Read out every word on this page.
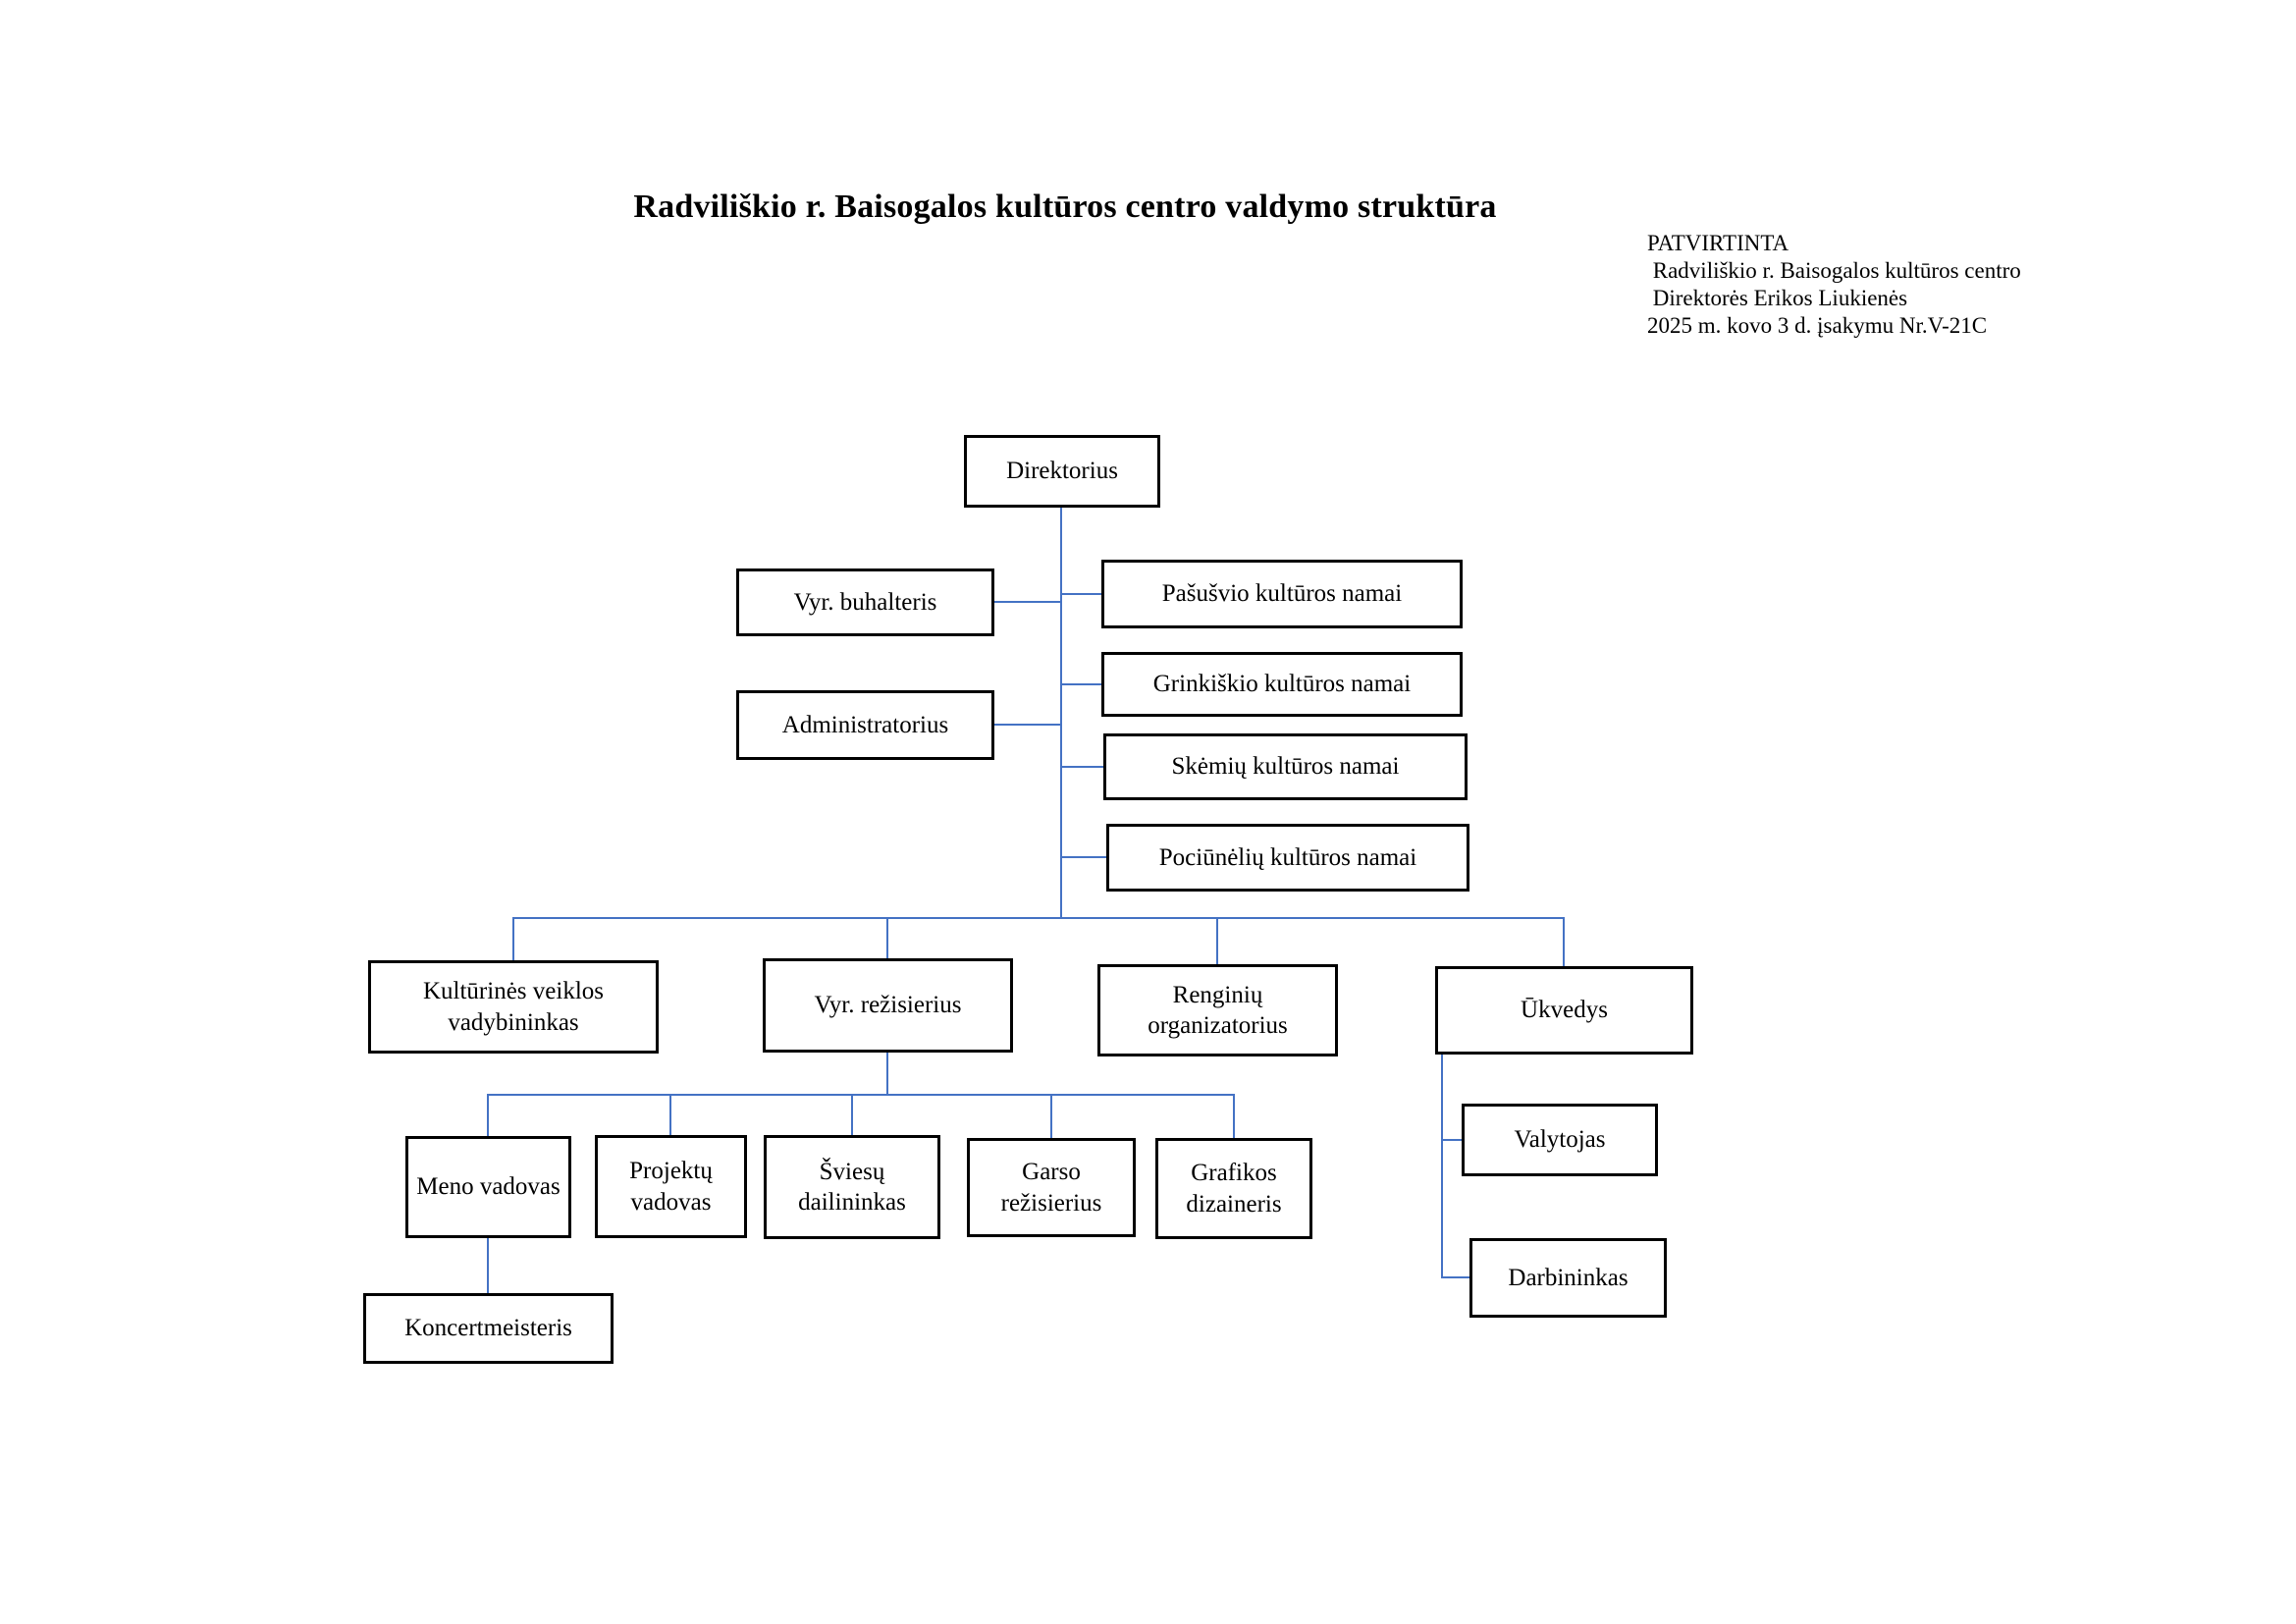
Radviliškio r. Baisogalos kultūros centro valdymo struktūra
PATVIRTINTA
Radviliškio r. Baisogalos kultūros centro
Direktorės Erikos Liukienės
2025 m. kovo 3 d. įsakymu Nr.V-21C
Direktorius
Vyr. buhalteris
Administratorius
Pašušvio kultūros namai
Grinkiškio kultūros namai
Skėmių kultūros namai
Pociūnėlių kultūros namai
Kultūrinės veiklos vadybininkas
Vyr. režisierius	Renginių organizatorius
Ūkvedys
Meno vadovas
Projektų vadovas
Šviesų dailininkas
Garso režisierius
Grafikos dizaineris
Koncertmeisteris
Valytojas
Darbininkas
